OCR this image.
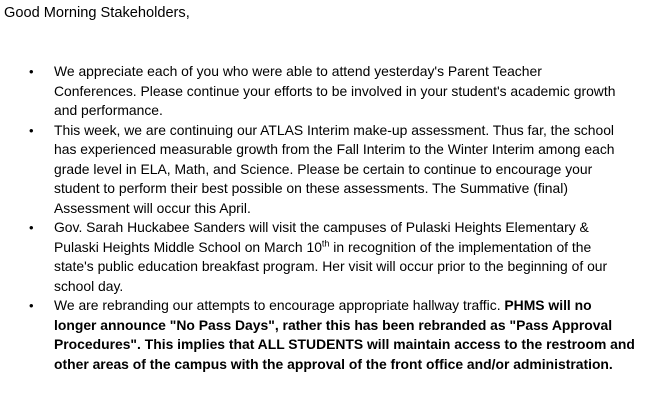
Good Morning Stakeholders,
• We appreciate each of you who were able to attend yesterday's Parent Teacher
Conferences. Please continue your efforts to be involved in your student's academic growth
and performance.
• This week, we are continuing our ATLAS Interim make-up assessment. Thus far, the school
has experienced measurable growth from the Fall Interim to the Winter Interim among each
grade level in ELA, Math, and Science. Please be certain to continue to encourage your
student to perform their best possible on these assessments. The Summative (final)
Assessment will occur this April.
• Gov. Sarah Huckabee Sanders will visit the campuses of Pulaski Heights Elementary &
Pulaski Heights Middle School on March 10th in recognition of the implementation of the
state's public education breakfast program. Her visit will occur prior to the beginning of our
school day.
• We are rebranding our attempts to encourage appropriate hallway traffic. PHMS will no
longer announce "No Pass Days", rather this has been rebranded as "Pass Approval
Procedures". This implies that ALL STUDENTS will maintain access to the restroom and
other areas of the campus with the approval of the front office and/or administration.
